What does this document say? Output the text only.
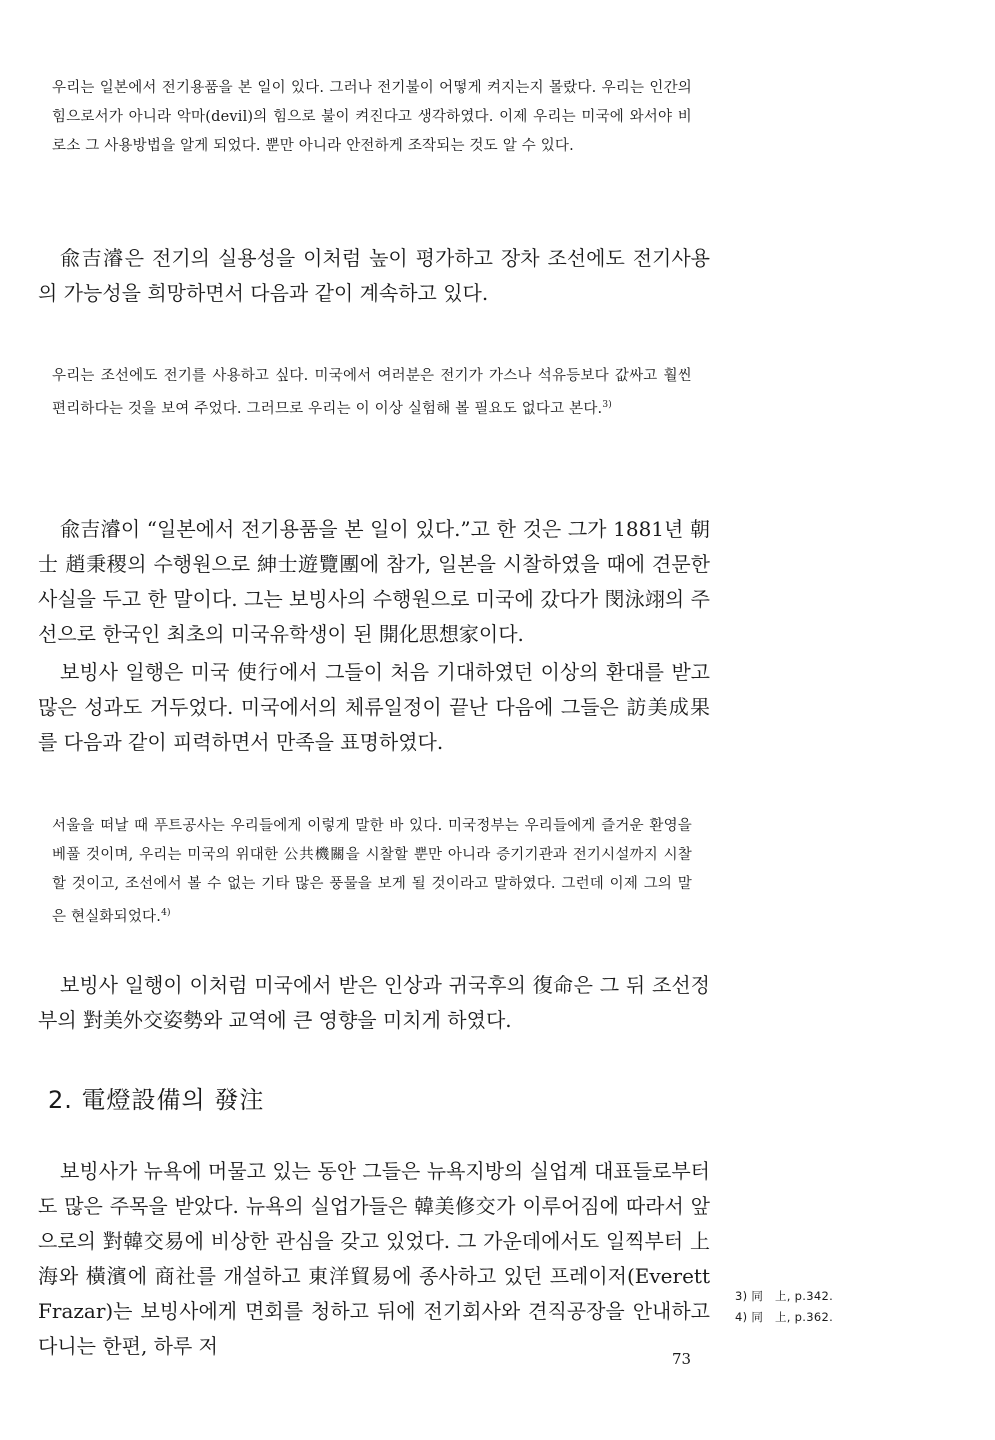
우리는 일본에서 전기용품을 본 일이 있다. 그러나 전기불이 어떻게 켜지는지 몰랐다. 우리는 인간의 힘으로서가 아니라 악마(devil)의 힘으로 불이 켜진다고 생각하였다. 이제 우리는 미국에 와서야 비로소 그 사용방법을 알게 되었다. 뿐만 아니라 안전하게 조작되는 것도 알 수 있다.
兪吉濬은 전기의 실용성을 이처럼 높이 평가하고 장차 조선에도 전기사용의 가능성을 희망하면서 다음과 같이 계속하고 있다.
우리는 조선에도 전기를 사용하고 싶다. 미국에서 여러분은 전기가 가스나 석유등보다 값싸고 훨씬 편리하다는 것을 보여 주었다. 그러므로 우리는 이 이상 실험해 볼 필요도 없다고 본다.$^{3)}$
兪吉濬이 “일본에서 전기용품을 본 일이 있다.”고 한 것은 그가 1881년 朝士 趙秉稷의 수행원으로 紳士遊覽團에 참가, 일본을 시찰하였을 때에 견문한 사실을 두고 한 말이다. 그는 보빙사의 수행원으로 미국에 갔다가 閔泳翊의 주선으로 한국인 최초의 미국유학생이 된 開化思想家이다.
보빙사 일행은 미국 使行에서 그들이 처음 기대하였던 이상의 환대를 받고 많은 성과도 거두었다. 미국에서의 체류일정이 끝난 다음에 그들은 訪美成果를 다음과 같이 피력하면서 만족을 표명하였다.
서울을 떠날 때 푸트공사는 우리들에게 이렇게 말한 바 있다. 미국정부는 우리들에게 즐거운 환영을 베풀 것이며, 우리는 미국의 위대한 公共機關을 시찰할 뿐만 아니라 증기기관과 전기시설까지 시찰할 것이고, 조선에서 볼 수 없는 기타 많은 풍물을 보게 될 것이라고 말하였다. 그런데 이제 그의 말은 현실화되었다.$^{4)}$
보빙사 일행이 이처럼 미국에서 받은 인상과 귀국후의 復命은 그 뒤 조선정부의 對美外交姿勢와 교역에 큰 영향을 미치게 하였다.
2. 電燈設備의 發注
보빙사가 뉴욕에 머물고 있는 동안 그들은 뉴욕지방의 실업계 대표들로부터도 많은 주목을 받았다. 뉴욕의 실업가들은 韓美修交가 이루어짐에 따라서 앞으로의 對韓交易에 비상한 관심을 갖고 있었다. 그 가운데에서도 일찍부터 上海와 橫濱에 商社를 개설하고 東洋貿易에 종사하고 있던 프레이저(Everett Frazar)는 보빙사에게 면회를 청하고 뒤에 전기회사와 견직공장을 안내하고 다니는 한편, 하루 저
3) 同　上, p.342.
4) 同　上, p.362.
73
